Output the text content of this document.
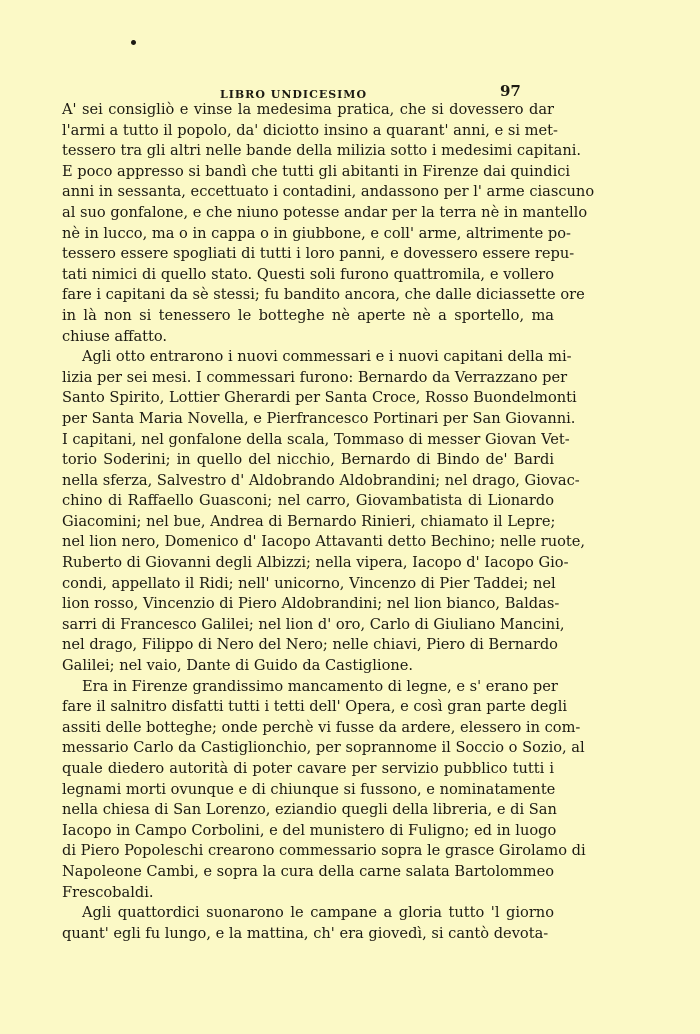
LIBRO UNDICESIMO	97

A' sei consigliò e vinse la medesima pratica, che si dovessero dar
l'armi a tutto il popolo, da' diciotto insino a quarant' anni, e si met-
tessero tra gli altri nelle bande della milizia sotto i medesimi capitani.
E poco appresso si bandì che tutti gli abitanti in Firenze dai quindici
anni in sessanta, eccettuato i contadini, andassono per l' arme ciascuno
al suo gonfalone, e che niuno potesse andar per la terra nè in mantello
nè in lucco, ma o in cappa o in giubbone, e coll' arme, altrimente po-
tessero essere spogliati di tutti i loro panni, e dovessero essere repu-
tati nimici di quello stato. Questi soli furono quattromila, e vollero
fare i capitani da sè stessi; fu bandito ancora, che dalle diciassette ore
in là non si tenessero le botteghe nè aperte nè a sportello, ma
chiuse affatto.

Agli otto entrarono i nuovi commessari e i nuovi capitani della mi-
lizia per sei mesi. I commessari furono: Bernardo da Verrazzano per
Santo Spirito, Lottier Gherardi per Santa Croce, Rosso Buondelmonti
per Santa Maria Novella, e Pierfrancesco Portinari per San Giovanni.
I capitani, nel gonfalone della scala, Tommaso di messer Giovan Vet-
torio Soderini; in quello del nicchio, Bernardo di Bindo de' Bardi
nella sferza, Salvestro d' Aldobrando Aldobrandini; nel drago, Giovac-
chino di Raffaello Guasconi; nel carro, Giovambatista di Lionardo
Giacomini; nel bue, Andrea di Bernardo Rinieri, chiamato il Lepre;
nel lion nero, Domenico d' Iacopo Attavanti detto Bechino; nelle ruote,
Ruberto di Giovanni degli Albizzi; nella vipera, Iacopo d' Iacopo Gio-
condi, appellato il Ridi; nell' unicorno, Vincenzo di Pier Taddei; nel
lion rosso, Vincenzio di Piero Aldobrandini; nel lion bianco, Baldas-
sarri di Francesco Galilei; nel lion d' oro, Carlo di Giuliano Mancini,
nel drago, Filippo di Nero del Nero; nelle chiavi, Piero di Bernardo
Galilei; nel vaio, Dante di Guido da Castiglione.

Era in Firenze grandissimo mancamento di legne, e s' erano per
fare il salnitro disfatti tutti i tetti dell' Opera, e così gran parte degli
assiti delle botteghe; onde perchè vi fusse da ardere, elessero in com-
messario Carlo da Castiglionchio, per soprannome il Soccio o Sozio, al
quale diedero autorità di poter cavare per servizio pubblico tutti i
legnami morti ovunque e di chiunque si fussono, e nominatamente
nella chiesa di San Lorenzo, eziandio quegli della libreria, e di San
Iacopo in Campo Corbolini, e del munistero di Fuligno; ed in luogo
di Piero Popoleschi crearono commessario sopra le grasce Girolamo di
Napoleone Cambi, e sopra la cura della carne salata Bartolommeo
Frescobaldi.

Agli quattordici suonarono le campane a gloria tutto 'l giorno
quant' egli fu lungo, e la mattina, ch' era giovedì, si cantò devota-
